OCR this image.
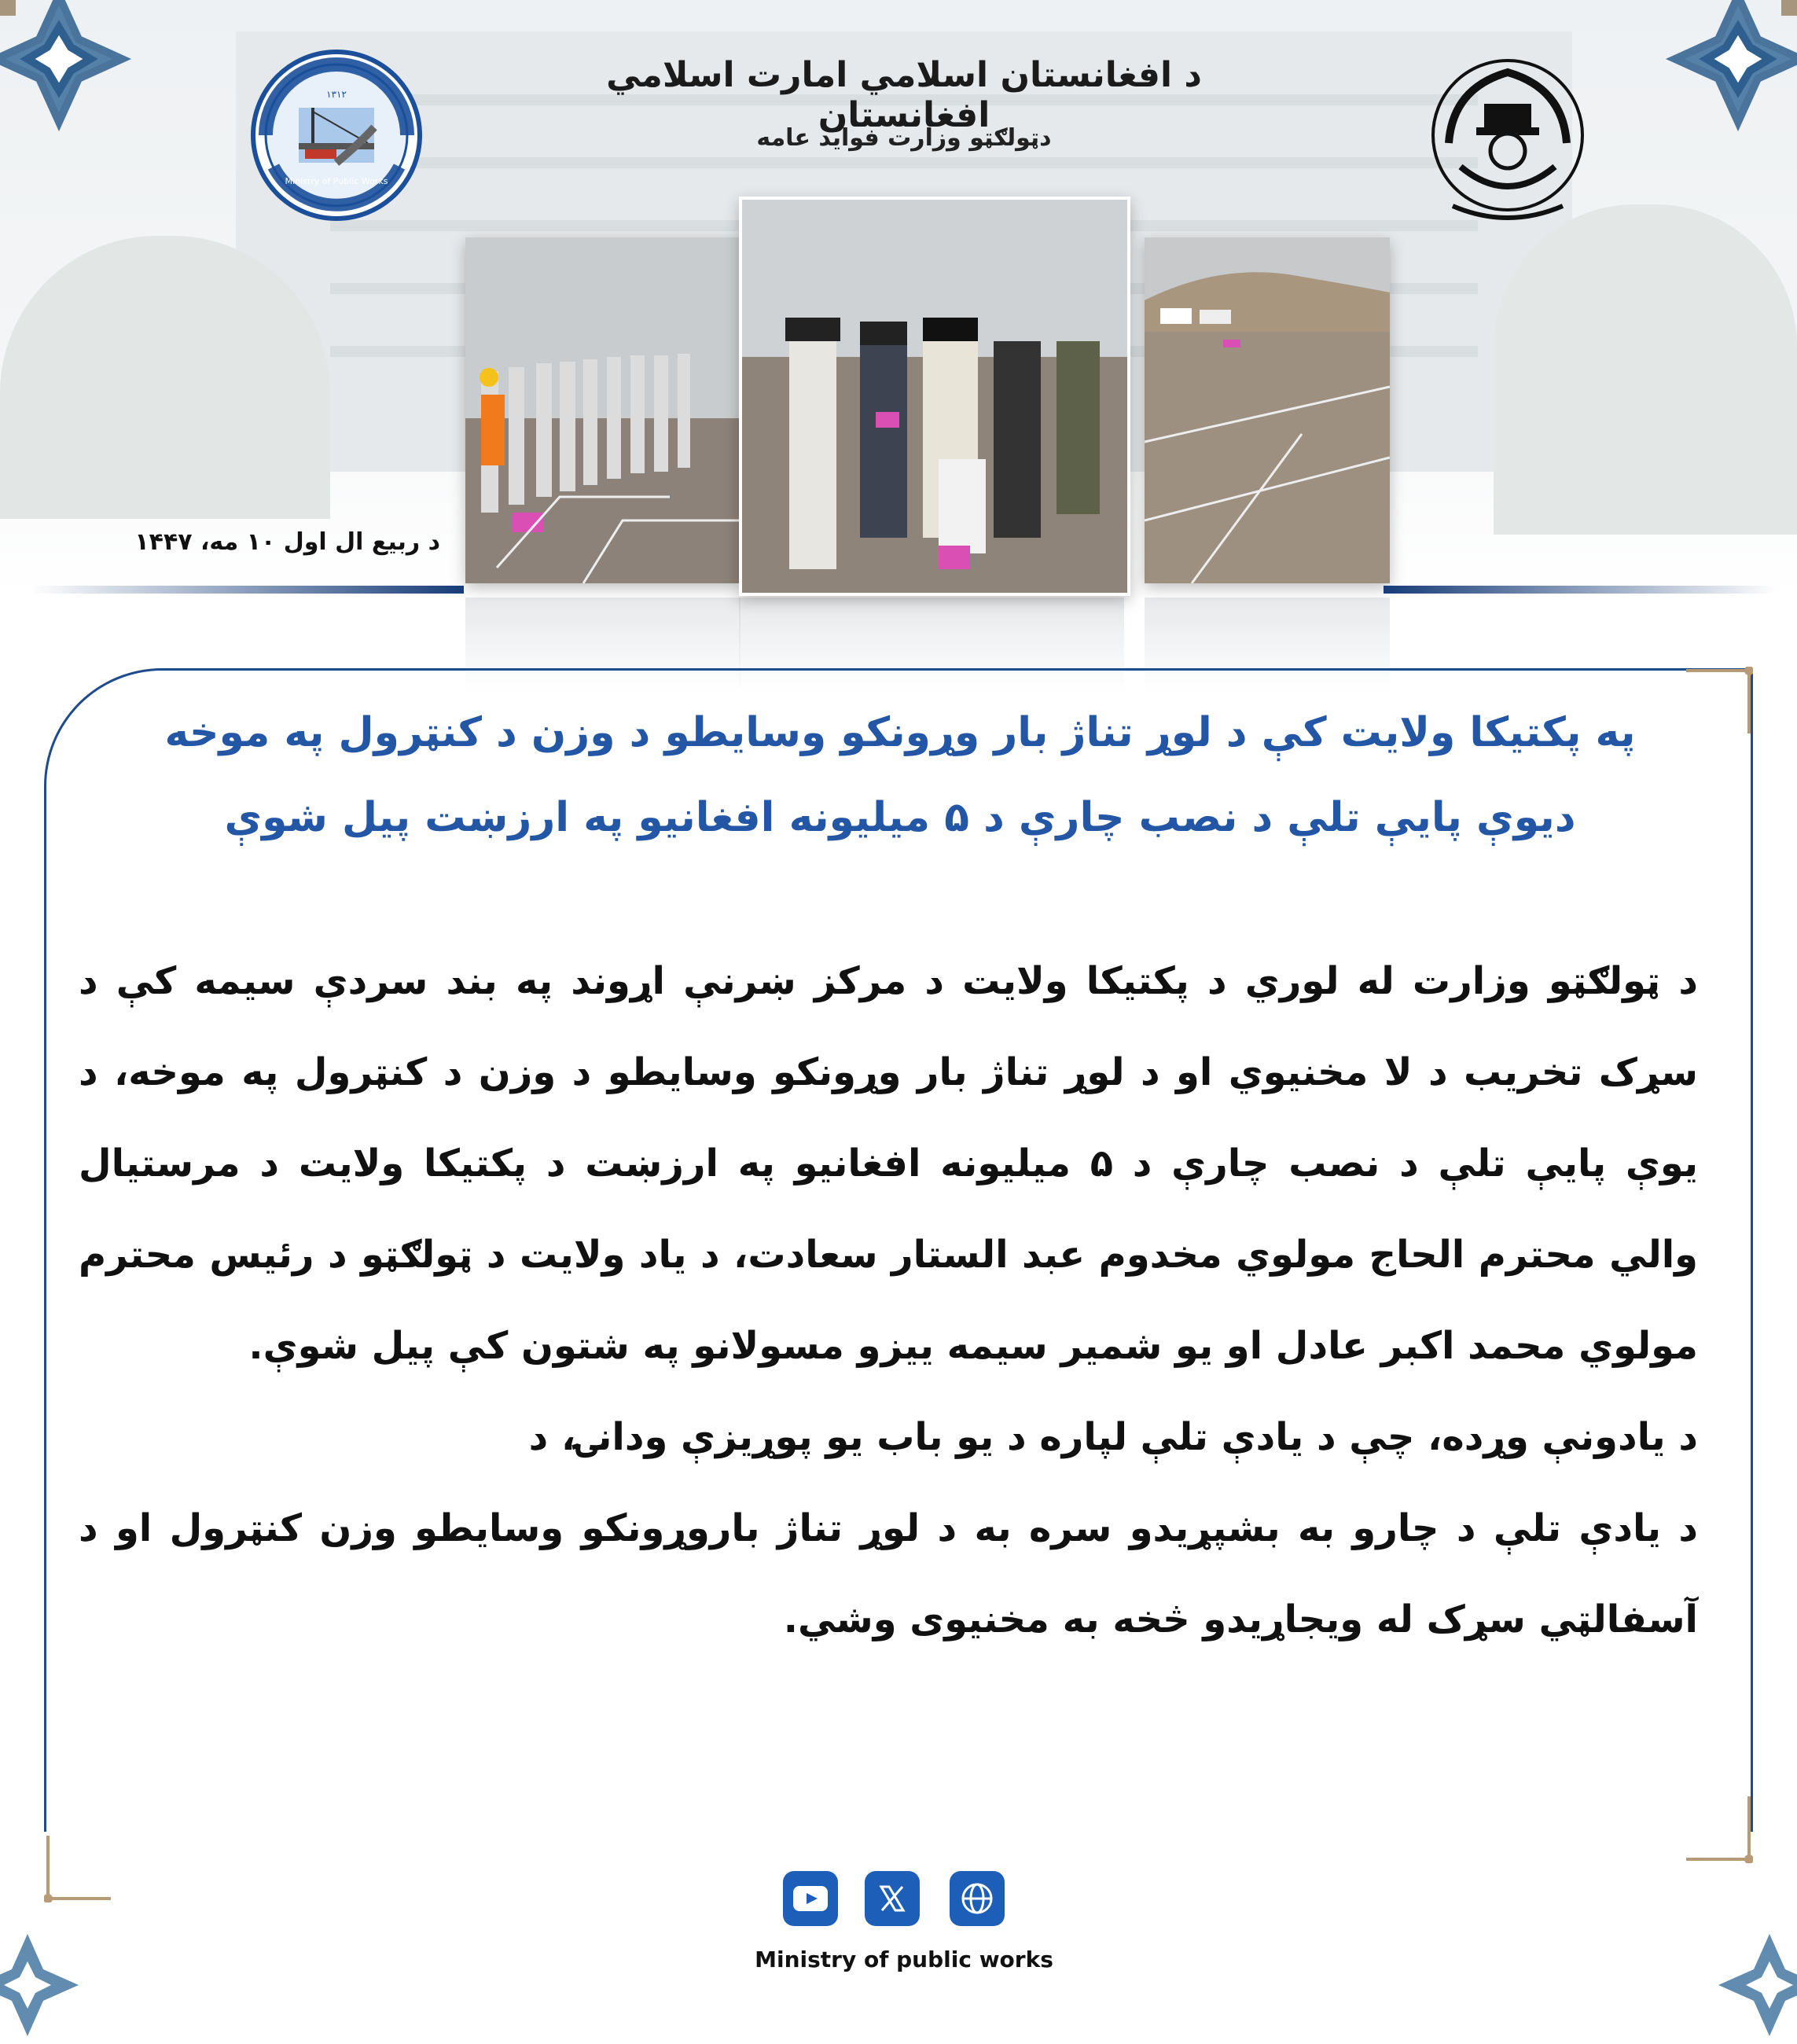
۱۳۱۲
Ministry of Public Works
د افغانستان اسلامي امارت اسلامي افغانستان
دټولګټو وزارت فواید عامه
د ربیع ال اول ۱۰ مه، ۱۴۴۷
په پکتیکا ولایت کې د لوړ تناژ بار وړونکو وسایطو د وزن د کنټرول په موخه
دیوې پایې تلې د نصب چارې د ۵ میلیونه افغانیو په ارزښت پیل شوې

د ټولګټو وزارت له لوري د پکتیکا ولایت د مرکز ښرنې اړوند په بند سردې سیمه کې د سړک تخریب د لا مخنیوي او د لوړ تناژ بار وړونکو وسایطو د وزن د کنټرول په موخه، د یوې پایې تلې د نصب چارې د ۵ میلیونه افغانیو په ارزښت د پکتیکا ولایت د مرستیال والي محترم الحاج مولوي مخدوم عبد الستار سعادت، د یاد ولایت د ټولګټو د رئیس محترم مولوي محمد اکبر عادل او یو شمیر سیمه ییزو مسولانو په شتون کې پیل شوې.

د یادونې وړده، چې د یادې تلې لپاره د یو باب یو پوړیزې ودانۍ، د

د یادې تلې د چارو به بشپړیدو سره به د لوړ تناژ باروړونکو وسایطو وزن کنټرول او د آسفالټي سړک له ویجاړیدو څخه به مخنیوی وشي.

Ministry of public works
